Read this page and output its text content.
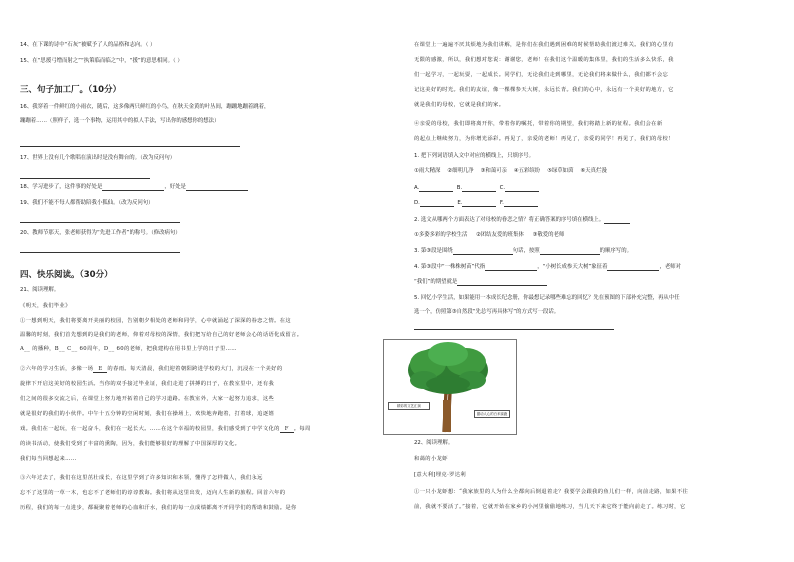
14、在下课的诗中“石灰”被赋予了人的品格和志向。（ ）
15、在“思援弓缯而射之”“执策临而临之”中，“援”的意思相同。（ ）
三、句子加工厂。（10分）
16、我穿着一件鲜红的小雨衣，随后，这多像两只鲜红的小鸟，在秋天金黄的叶丛间，蹦蹦地蹦着跳着，
蹦蹦着……（照样子，选一个事物，运用其中的拟人手法，写出你的感想你的想法）
17、世界上没有几个歌唱在演出时是没有舞台的。（改为反问句）
18、学习进步了，这件事的好处是	，好处是
19、我们不能不每人都帮助陪我小狐仙。（改为反问句）
20、教师节那天，张老师获得为“先进工作者”的称号。（修改病句）
四、快乐阅读。（30分）
21、阅读理解。
《明天，我们毕业》
①一想到明天，我们将要离开美丽的校园，告别朝夕相处的老师和同学，心中就涌起了深深的眷恋之情。在这
温馨的时刻，我们首先想到的是我们的老师，仰着对母校的深情，我们把写给自己的好老师会心的话语化成留言。
A__ 的播种，B__ C__ 60周年，D__ 60的老师，把我建构在用书里上学的日子里……
②六年的学习生活，多像一场 E 的春雨。每天清晨，我们迎着朝阳跨进学校的大门，沉浸在一个美好的
旋律下开启这美好的校园生活。当你的双手接过毕业证，我们走进了拼搏的日子，在教室里中，还有我
们之间的很多交流之后，在课堂上努力地开拓着自己的学习道路。在教室外，大家一起努力追求，这些
就是很好的我们的小伙伴。中午十五分钟的空闲时刻，我们在操场上，欢快地奔跑着，打着球，追逐嬉
戏。我们在一起玩，在一起奋斗，我们在一起长大。……在这个幸福的校园里，我们感受到了中学文化的 F 。每周
的读书活动，使我们受到了丰富的熏陶，因为，我们能够很好的理解了中国深厚的文化。
我们每当回想起来……
③六年过去了，我们在这里茁壮成长，在这里学到了许多知识和本领，懂得了怎样做人，我们永远
忘不了这里的一草一木，也忘不了老师们的谆谆教诲。我们将从这里出发，迈向人生新的旅程。回首六年的
历程，我们的每一点进步，都凝聚着老师的心血和汗水，我们的每一点成绩都离不开同学们的帮助和鼓励。是你
在课堂上一遍遍不厌其烦地为我们讲解，是你们在我们遇到困难的时候帮助我们渡过难关。我们的心里有
无限的感激，所以，我们想对您说：谢谢您，老师！在我们这个温暖的集体里，我们的生活多么快乐，我
们一起学习，一起玩耍，一起成长。同学们，无论我们走到哪里，无论我们将来做什么，我们都不会忘
记这美好的时光。我们的友谊，像一棵棵参天大树，永远长青。我们的心中，永远有一个美好的地方，它
就是我们的母校，它就是我们的家。
④亲爱的母校，我们即将离开你，带着你的嘱托，带着你的期望，我们将踏上新的征程。我们会在新
的起点上继续努力，为你增光添彩。再见了，亲爱的老师！再见了，亲爱的同学！再见了，我们的母校！
1. 把下列词语填入文中对应的横线上，只填序号。
①雨大精深 ②细明几净 ③和蔼可亲 ④五彩缤纷 ⑤绿草如茵 ⑥天真烂漫
A.	B.	C.
D.	E.	F.
2. 选文从哪两个方面表达了对母校的眷恋之情？将正确答案的序号填在横线上。
①多姿多彩的学校生活 ②团结友爱的班集体 ③敬爱的老师
3. 第③段是围绕	句话，按照	的顺序写的。
4. 第③段中“一株株树苗”代指	，“小树长成参天大树”象征着	，老师对
“我们”的期望就是
5. 回忆小学生活，如果能用一本成长纪念册，你最想记录哪些难忘的回忆？先在预图的下部补充完整，再从中任
选一个，仿照第③自然段“先总写再具体写”的方式写一段话。
22、阅读理解。
和蔼的小龙虾
[意大利]埋克·罗达利
①一只小龙虾想：“我家族里的人为什么全都向后倒退着走？我要学会跟我的鱼儿们一样，向前走路，如果不往
前，我就不要活了。”接着，它就开始在家乡的小河里偷偷地练习，当几天下来它终于能向前走了。练习时，它
精彩的文艺汇演
激动人心的白米赛跑
